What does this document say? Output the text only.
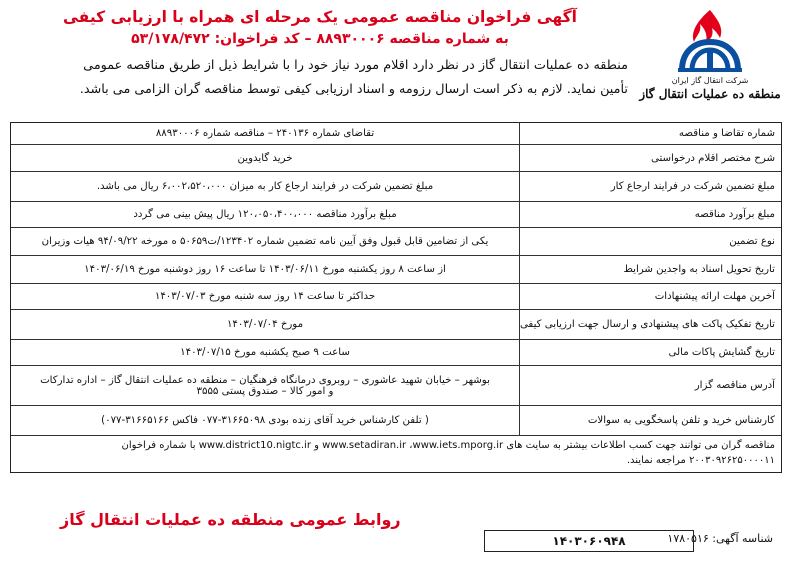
شرکت انتقال گاز ایران
منطقه ده عملیات انتقال گاز
آگهی فراخوان مناقصه عمومی یک مرحله ای همراه با ارزیابی کیفی
به شماره مناقصه ۸۸۹۳۰۰۰۶ – کد فراخوان: ۵۳/۱۷۸/۴۷۲
منطقه ده عملیات انتقال گاز در نظر دارد اقلام مورد نیاز خود را با شرایط ذیل از طریق مناقصه عمومی
تأمین نماید. لازم به ذکر است ارسال رزومه و اسناد ارزیابی کیفی توسط مناقصه گران الزامی می باشد.
شماره تقاضا و مناقصه
تقاضای شماره ۲۴۰۱۳۶ – مناقصه شماره ۸۸۹۳۰۰۰۶
شرح مختصر اقلام درخواستی
خرید گایدوین
مبلغ تضمین شرکت در فرایند ارجاع کار
مبلغ تضمین شرکت در فرایند ارجاع کار به میزان ۶،۰۰۲،۵۲۰،۰۰۰ ریال می باشد.
مبلغ برآورد مناقصه
مبلغ برآورد مناقصه ۱۲۰،۰۵۰،۴۰۰،۰۰۰ ریال پیش بینی می گردد
نوع تضمین
یکی از تضامین قابل قبول وفق آیین نامه تضمین شماره ۱۲۳۴۰۲/ت۵۰۶۵۹ ه مورخه ۹۴/۰۹/۲۲ هیات وزیران
تاریخ تحویل اسناد به واجدین شرایط
از ساعت ۸ روز یکشنبه مورخ ۱۴۰۳/۰۶/۱۱ تا ساعت ۱۶ روز دوشنبه مورخ ۱۴۰۳/۰۶/۱۹
آخرین مهلت ارائه پیشنهادات
حداکثر تا ساعت ۱۴ روز سه شنبه مورخ ۱۴۰۳/۰۷/۰۳
تاریخ تفکیک پاکت های پیشنهادی و ارسال جهت ارزیابی کیفی
مورخ ۱۴۰۳/۰۷/۰۴
تاریخ گشایش پاکات مالی
ساعت ۹ صبح یکشنبه مورخ ۱۴۰۳/۰۷/۱۵
آدرس مناقصه گزار
بوشهر – خیابان شهید عاشوری – روبروی درمانگاه فرهنگیان – منطقه ده عملیات انتقال گاز – اداره تدارکات
و امور کالا – صندوق پستی ۳۵۵۵
کارشناس خرید و تلفن پاسخگویی به سوالات
( تلفن کارشناس خرید آقای زنده بودی ۳۱۶۶۵۰۹۸-۰۷۷ فاکس ۳۱۶۶۵۱۶۶-۰۷۷)
مناقصه گران می توانند جهت کسب اطلاعات بیشتر به سایت های www.setadiran.ir ،www.iets.mporg.ir و www.district10.nigtc.ir با شماره فراخوان
۲۰۰۳۰۹۲۶۲۵۰۰۰۰۱۱ مراجعه نمایند.
روابط عمومی منطقه ده عملیات انتقال گاز
شناسه آگهی: ۱۷۸۰۵۱۶
۱۴۰۳۰۶۰۹۴۸
